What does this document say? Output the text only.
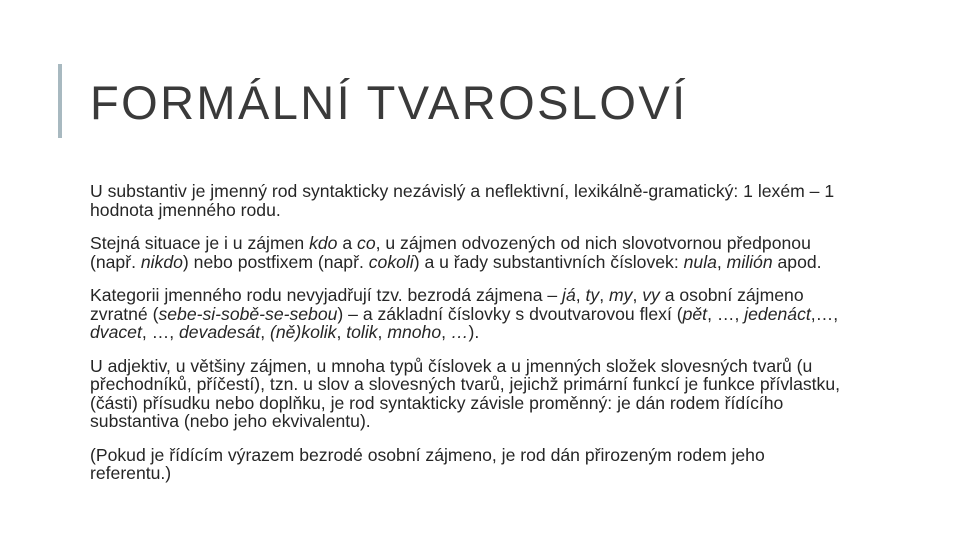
FORMÁLNÍ TVAROSLOVÍ

U substantiv je jmenný rod syntakticky nezávislý a neflektivní, lexikálně-gramatický: 1 lexém – 1 hodnota jmenného rodu.

Stejná situace je i u zájmen kdo a co, u zájmen odvozených od nich slovotvornou předponou (např. nikdo) nebo postfixem (např. cokoli) a u řady substantivních číslovek: nula, milión apod.

Kategorii jmenného rodu nevyjadřují tzv. bezrodá zájmena – já, ty, my, vy a osobní zájmeno zvratné (sebe-si-sobě-se-sebou) – a základní číslovky s dvoutvarovou flexí (pět, …, jedenáct,…, dvacet, …, devadesát, (ně)kolik, tolik, mnoho, …).

U adjektiv, u většiny zájmen, u mnoha typů číslovek a u jmenných složek slovesných tvarů (u přechodníků, příčestí), tzn. u slov a slovesných tvarů, jejichž primární funkcí je funkce přívlastku, (části) přísudku nebo doplňku, je rod syntakticky závisle proměnný: je dán rodem řídícího substantiva (nebo jeho ekvivalentu).

(Pokud je řídícím výrazem bezrodé osobní zájmeno, je rod dán přirozeným rodem jeho referentu.)
